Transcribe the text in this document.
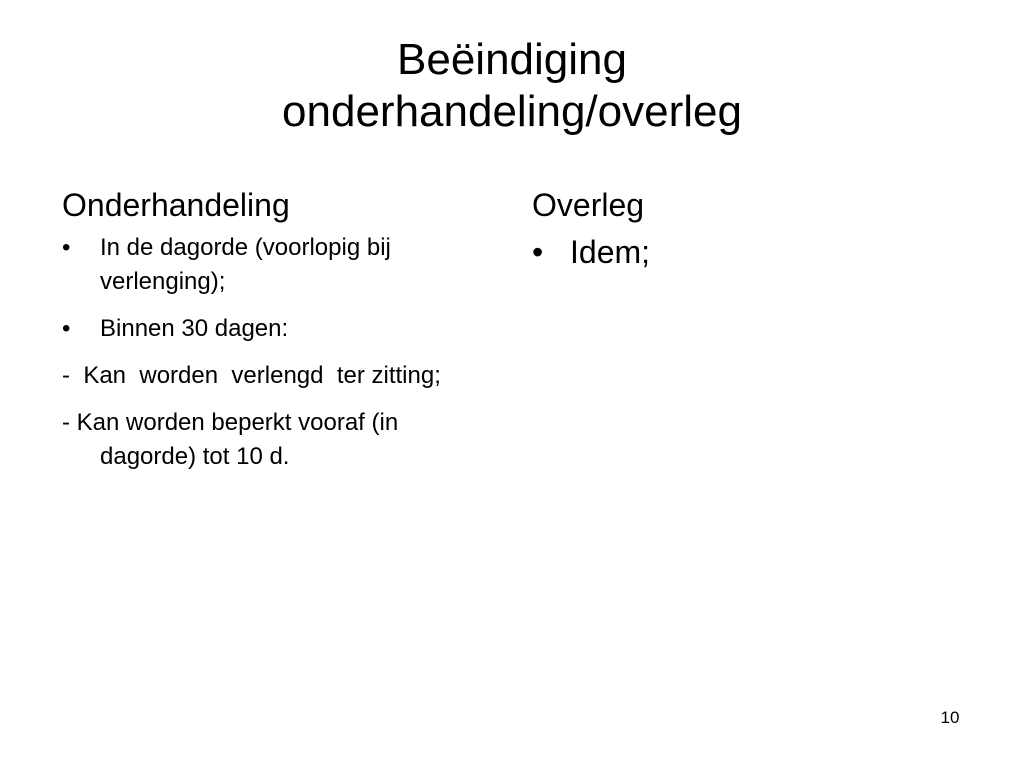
Beëindiging
onderhandeling/overleg

Onderhandeling

• In de dagorde (voorlopig bij verlenging);

• Binnen 30 dagen:

-  Kan  worden  verlengd  ter zitting;

- Kan worden beperkt vooraf (in dagorde) tot 10 d.

Overleg

• Idem;

10
